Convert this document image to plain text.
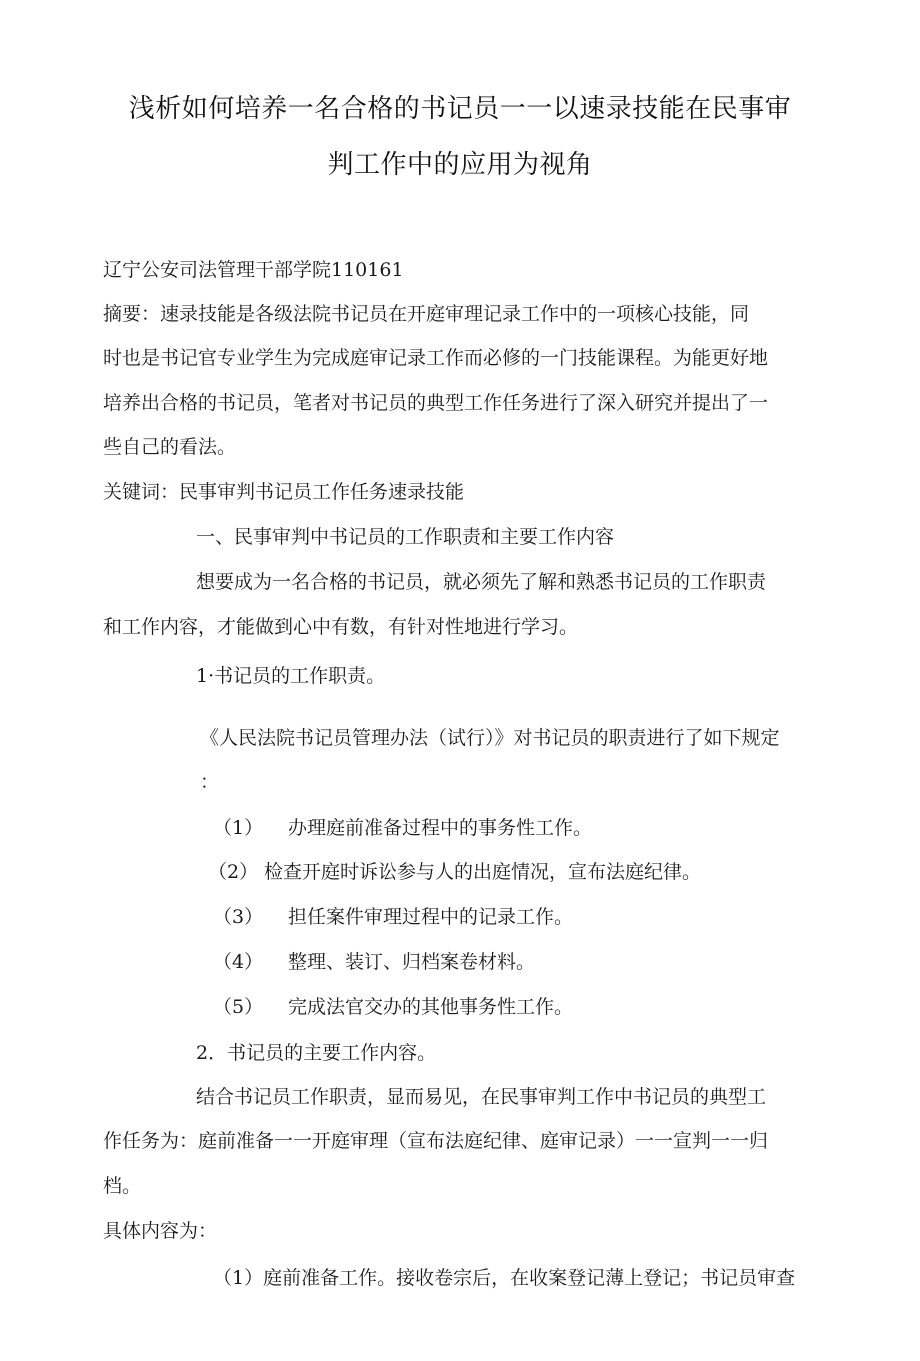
浅析如何培养一名合格的书记员一一以速录技能在民事审
判工作中的应用为视角
辽宁公安司法管理干部学院110161
摘要：速录技能是各级法院书记员在开庭审理记录工作中的一项核心技能，同
时也是书记官专业学生为完成庭审记录工作而必修的一门技能课程。为能更好地
培养出合格的书记员，笔者对书记员的典型工作任务进行了深入研究并提出了一
些自己的看法。
关键词：民事审判书记员工作任务速录技能
一、民事审判中书记员的工作职责和主要工作内容
想要成为一名合格的书记员，就必须先了解和熟悉书记员的工作职责
和工作内容，才能做到心中有数，有针对性地进行学习。
1·书记员的工作职责。
《人民法院书记员管理办法（试行）》对书记员的职责进行了如下规定
：
（1） 办理庭前准备过程中的事务性工作。
（2） 检查开庭时诉讼参与人的出庭情况，宣布法庭纪律。
（3） 担任案件审理过程中的记录工作。
（4） 整理、装订、归档案卷材料。
（5） 完成法官交办的其他事务性工作。
2．书记员的主要工作内容。
结合书记员工作职责，显而易见，在民事审判工作中书记员的典型工
作任务为：庭前准备一一开庭审理（宣布法庭纪律、庭审记录）一一宣判一一归
档。
具体内容为：
（1）庭前准备工作。接收卷宗后，在收案登记薄上登记；书记员审查
